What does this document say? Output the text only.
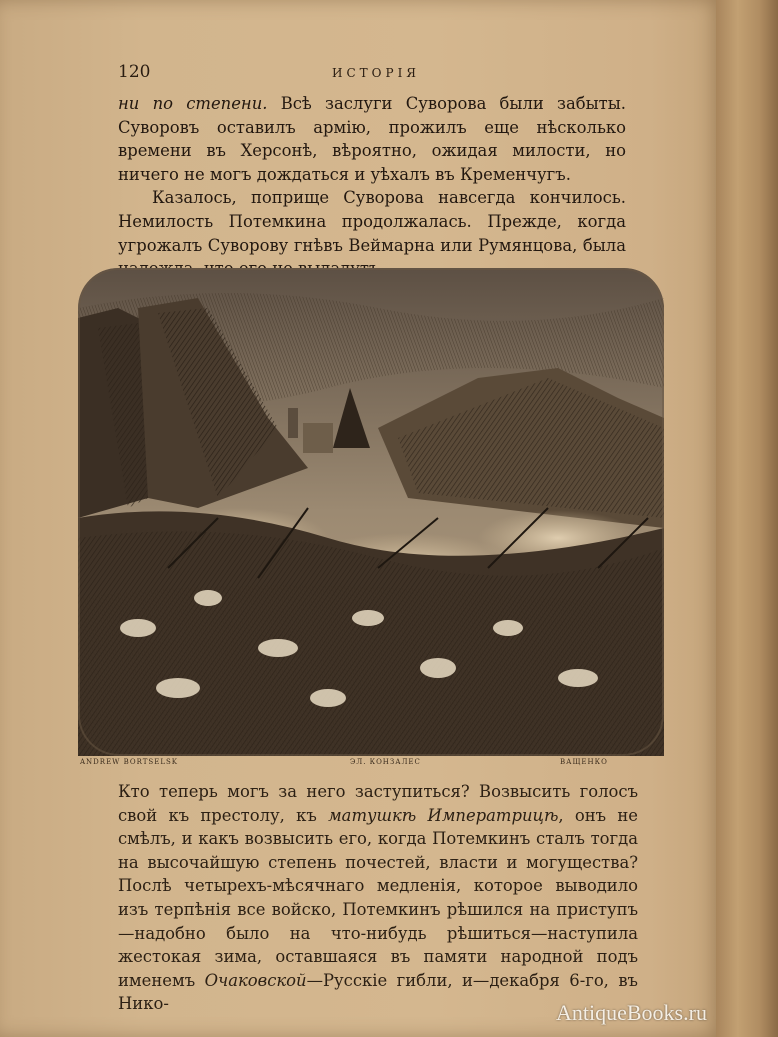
120	ИСТОРІЯ

ни по степени. Всѣ заслуги Суворова были забыты. Суворовъ оставилъ армію, прожилъ еще нѣсколько времени въ Херсонѣ, вѣроятно, ожидая милости, но ничего не могъ дождаться и уѣхалъ въ Кременчугъ.

Казалось, поприще Суворова навсегда кончилось. Немилость Потемкина продолжалась. Прежде, когда угрожалъ Суворову гнѣвъ Веймарна или Румянцова, была

ANDREW BORTSELSK	ЭЛ. КОНЗАЛЕС	ВАЩЕНКО

Кто теперь могъ за него заступиться? Возвысить голосъ свой къ престолу, къ матушкѣ Императрицѣ, онъ не смѣлъ, и какъ возвысить его, когда Потемкинъ сталъ тогда на высочайшую степень почестей, власти и могущества? Послѣ четырехъ-мѣсячнаго медленія, которое выводило изъ терпѣнія все войско, Потемкинъ рѣшился на приступъ—надобно было на что-нибудь рѣшиться—наступила жестокая зима, оставшаяся въ памяти народной подъ именемъ Очаковской—Русскіе гибли, и—декабря 6-го, въ Нико-	AntiqueBooks.ru
